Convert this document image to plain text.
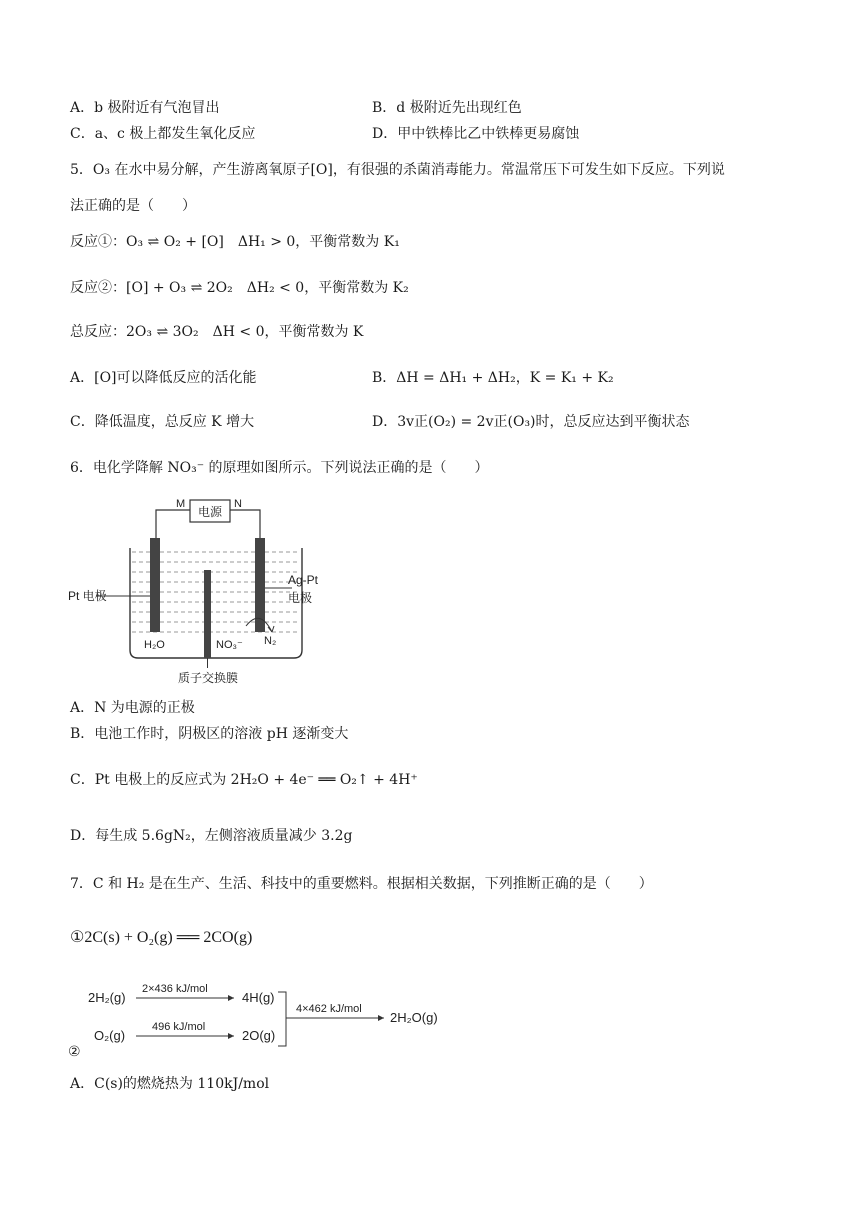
A．b 极附近有气泡冒出	B．d 极附近先出现红色
C．a、c 极上都发生氧化反应	D．甲中铁棒比乙中铁棒更易腐蚀
5．O₃ 在水中易分解，产生游离氧原子[O]，有很强的杀菌消毒能力。常温常压下可发生如下反应。下列说
法正确的是（　　）
反应①：O₃ ⇌ O₂ + [O]　ΔH₁ > 0，平衡常数为 K₁
反应②：[O] + O₃ ⇌ 2O₂　ΔH₂ < 0，平衡常数为 K₂
总反应：2O₃ ⇌ 3O₂　ΔH < 0，平衡常数为 K
A．[O]可以降低反应的活化能	B．ΔH = ΔH₁ + ΔH₂，K = K₁ + K₂
C．降低温度，总反应 K 增大	D．3v正(O₂) = 2v正(O₃)时，总反应达到平衡状态
6．电化学降解 NO₃⁻ 的原理如图所示。下列说法正确的是（　　）
电源
M	N
Pt 电极
Ag-Pt
电极
H₂O	NO₃⁻ N₂
质子交换膜
A．N 为电源的正极
B．电池工作时，阴极区的溶液 pH 逐渐变大
C．Pt 电极上的反应式为 2H₂O + 4e⁻ ══ O₂↑ + 4H⁺
D．每生成 5.6gN₂，左侧溶液质量减少 3.2g
7．C 和 H₂ 是在生产、生活、科技中的重要燃料。根据相关数据，下列推断正确的是（　　）
①2C(s) + O₂(g) ══ 2CO(g)
2H₂(g)
2×436 kJ/mol
4H(g)
O₂(g)
496 kJ/mol
2O(g)
4×462 kJ/mol
2H₂O(g)
②
A．C(s)的燃烧热为 110kJ/mol
